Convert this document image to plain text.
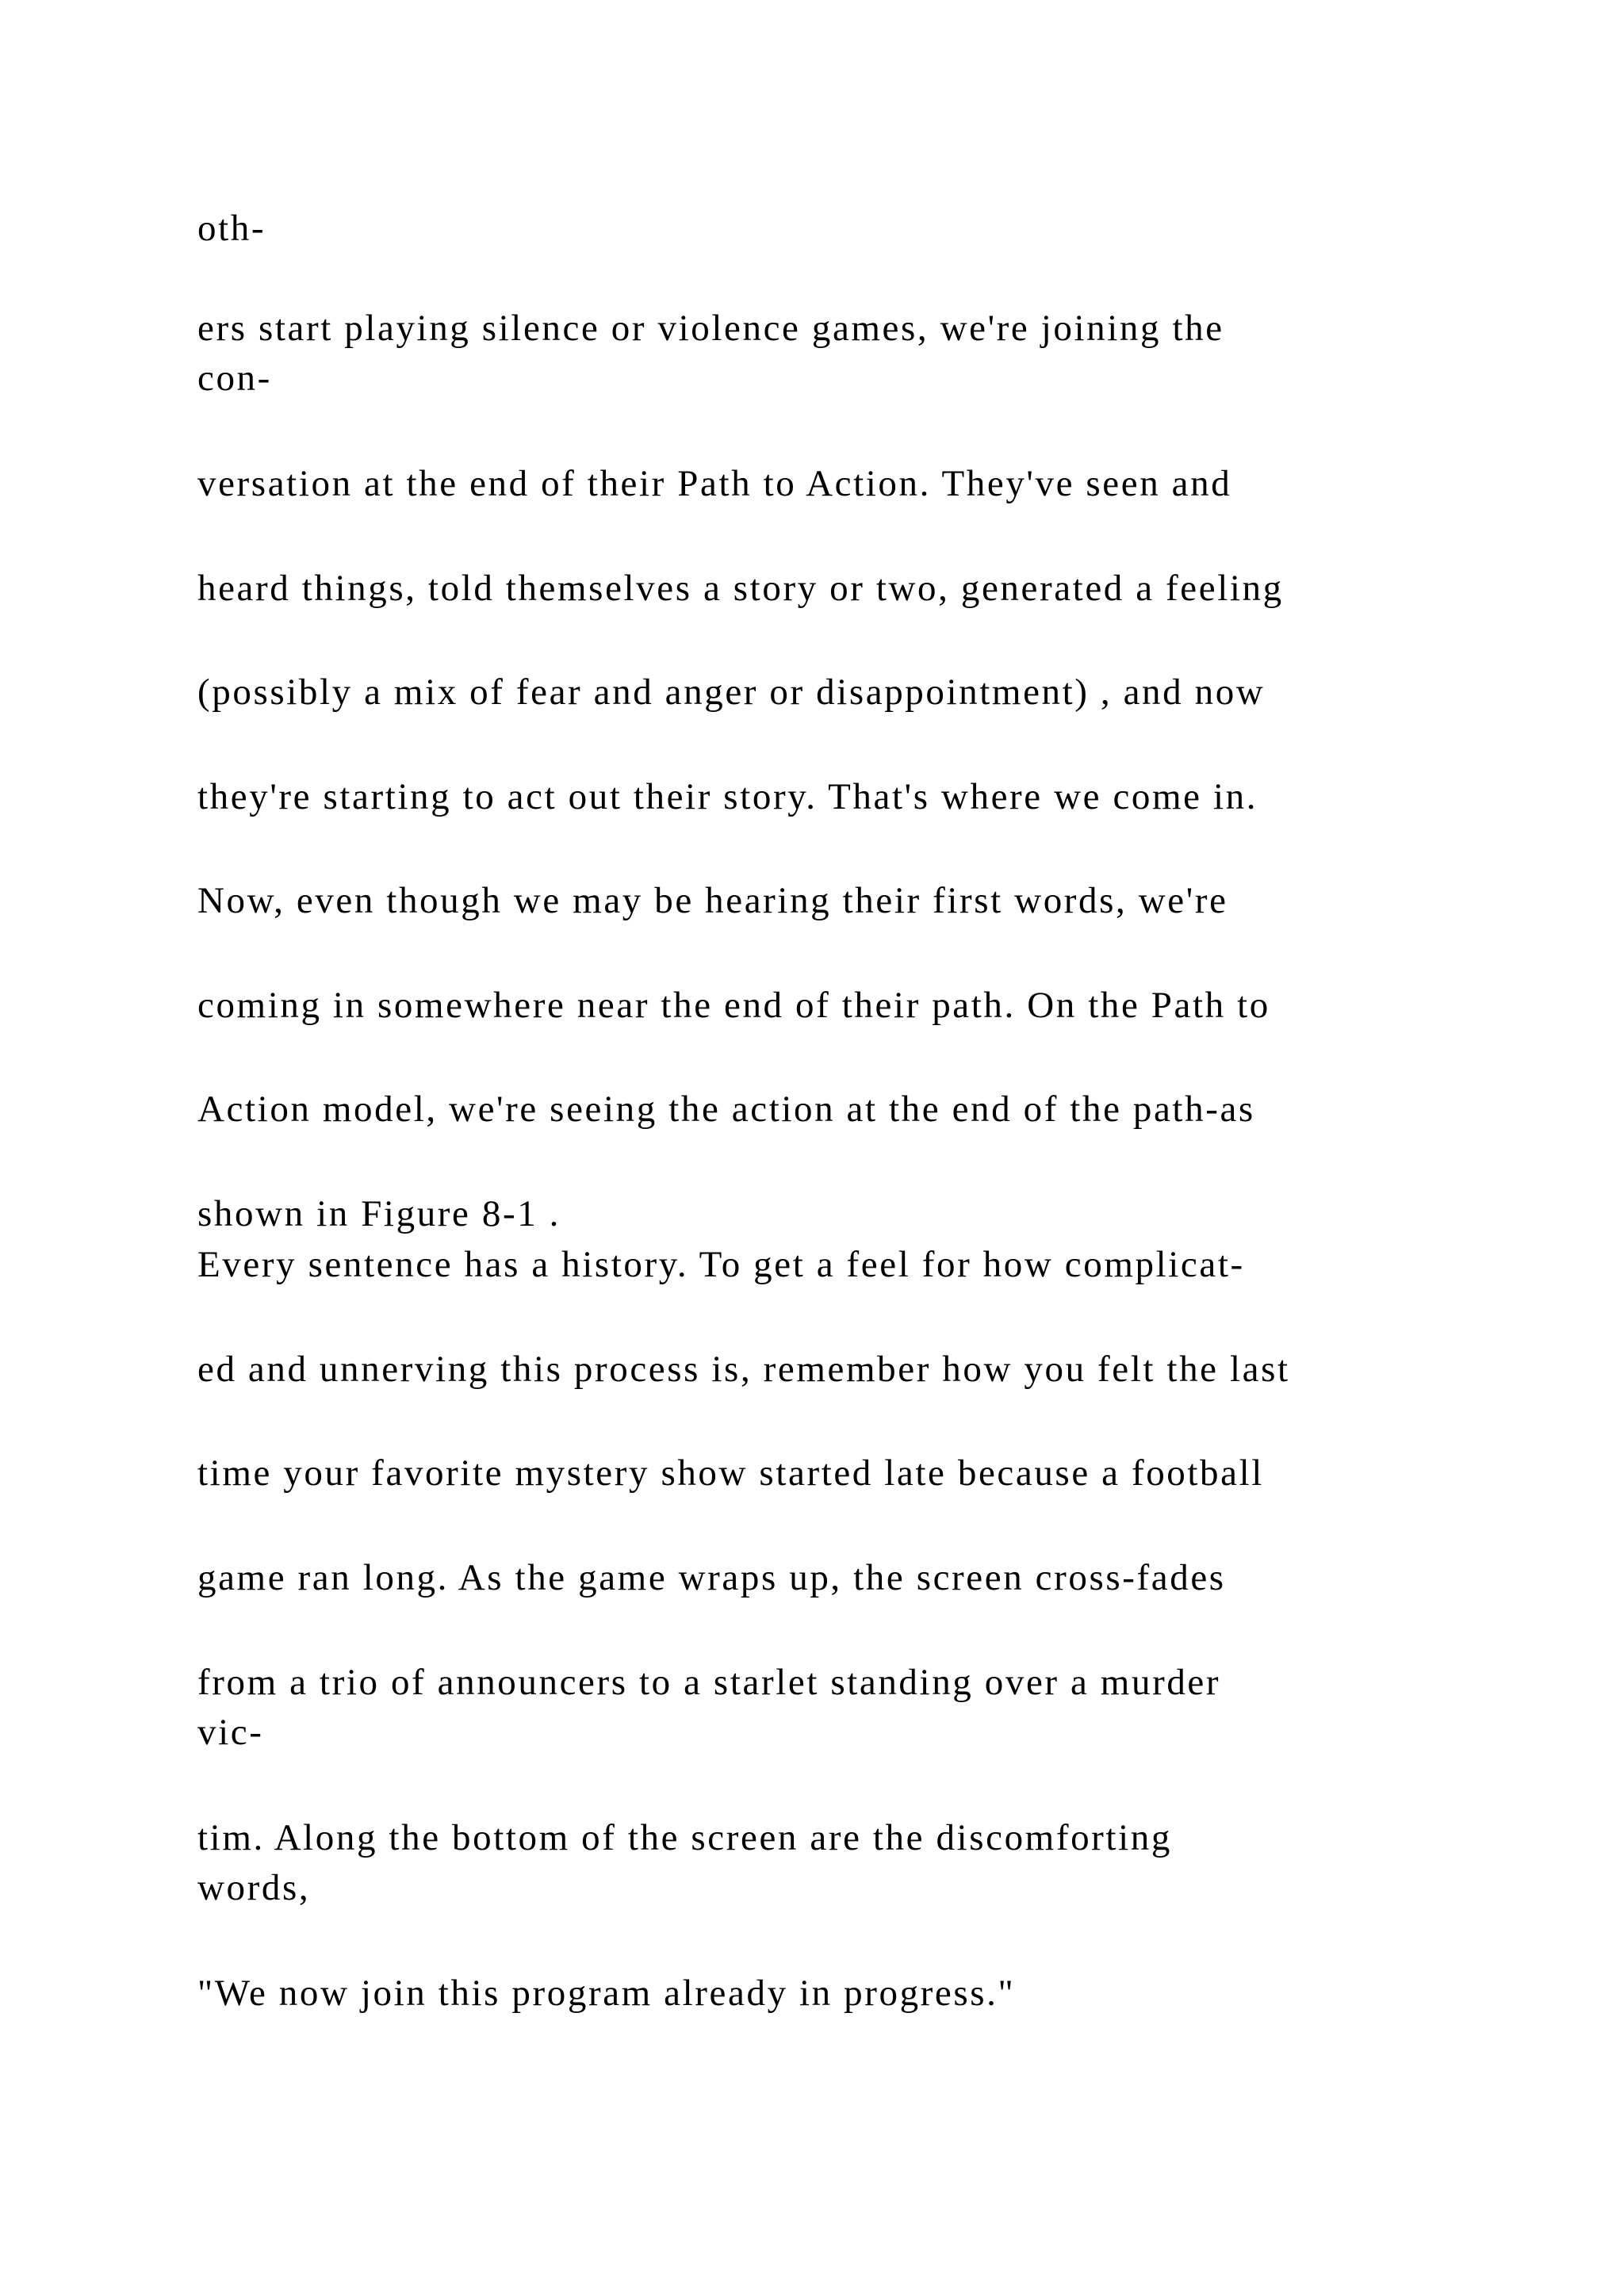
oth-

ers start playing silence or violence games, we're joining the

con-

versation at the end of their Path to Action. They've seen and

heard things, told themselves a story or two, generated a feeling

(possibly a mix of fear and anger or disappointment) , and now

they're starting to act out their story. That's where we come in.

Now, even though we may be hearing their first words, we're

coming in somewhere near the end of their path. On the Path to

Action model, we're seeing the action at the end of the path-as

shown in Figure 8-1 .

Every sentence has a history. To get a feel for how complicat-

ed and unnerving this process is, remember how you felt the last

time your favorite mystery show started late because a football

game ran long. As the game wraps up, the screen cross-fades

from a trio of announcers to a starlet standing over a murder

vic-

tim. Along the bottom of the screen are the discomforting

words,

"We now join this program already in progress."
